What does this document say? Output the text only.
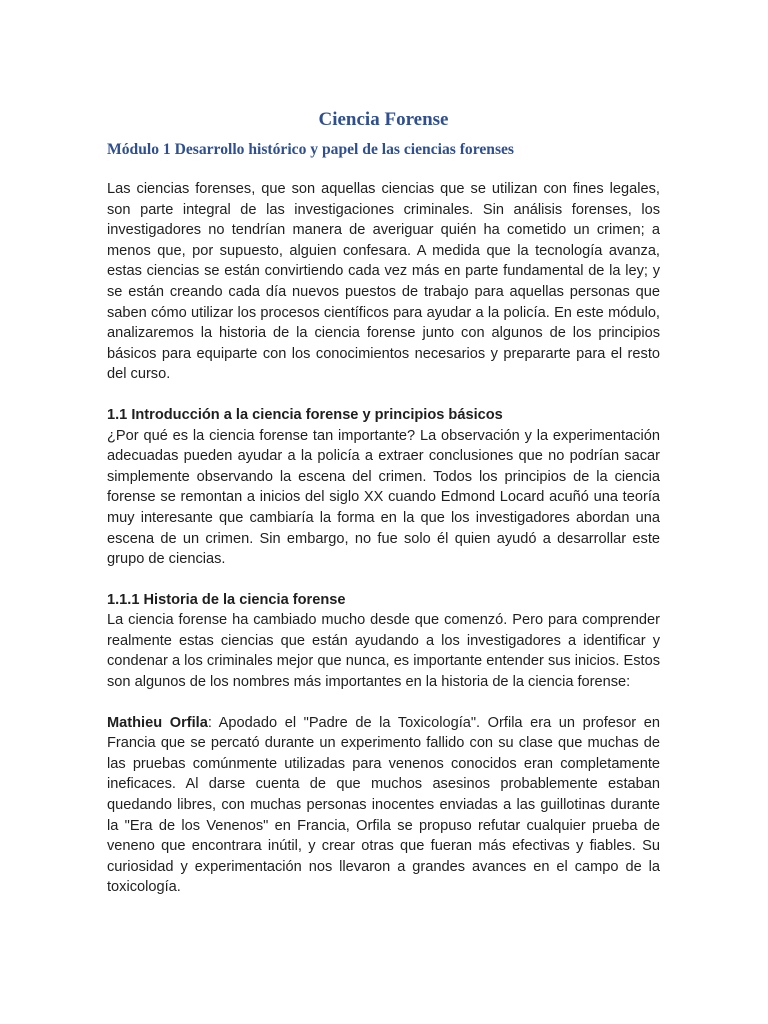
Ciencia Forense
Módulo 1 Desarrollo histórico y papel de las ciencias forenses

Las ciencias forenses, que son aquellas ciencias que se utilizan con fines legales, son parte integral de las investigaciones criminales. Sin análisis forenses, los investigadores no tendrían manera de averiguar quién ha cometido un crimen; a menos que, por supuesto, alguien confesara. A medida que la tecnología avanza, estas ciencias se están convirtiendo cada vez más en parte fundamental de la ley; y se están creando cada día nuevos puestos de trabajo para aquellas personas que saben cómo utilizar los procesos científicos para ayudar a la policía. En este módulo, analizaremos la historia de la ciencia forense junto con algunos de los principios básicos para equiparte con los conocimientos necesarios y prepararte para el resto del curso.

1.1 Introducción a la ciencia forense y principios básicos

¿Por qué es la ciencia forense tan importante? La observación y la experimentación adecuadas pueden ayudar a la policía a extraer conclusiones que no podrían sacar simplemente observando la escena del crimen. Todos los principios de la ciencia forense se remontan a inicios del siglo XX cuando Edmond Locard acuñó una teoría muy interesante que cambiaría la forma en la que los investigadores abordan una escena de un crimen. Sin embargo, no fue solo él quien ayudó a desarrollar este grupo de ciencias.

1.1.1 Historia de la ciencia forense

La ciencia forense ha cambiado mucho desde que comenzó. Pero para comprender realmente estas ciencias que están ayudando a los investigadores a identificar y condenar a los criminales mejor que nunca, es importante entender sus inicios. Estos son algunos de los nombres más importantes en la historia de la ciencia forense:

Mathieu Orfila: Apodado el "Padre de la Toxicología". Orfila era un profesor en Francia que se percató durante un experimento fallido con su clase que muchas de las pruebas comúnmente utilizadas para venenos conocidos eran completamente ineficaces. Al darse cuenta de que muchos asesinos probablemente estaban quedando libres, con muchas personas inocentes enviadas a las guillotinas durante la "Era de los Venenos" en Francia, Orfila se propuso refutar cualquier prueba de veneno que encontrara inútil, y crear otras que fueran más efectivas y fiables. Su curiosidad y experimentación nos llevaron a grandes avances en el campo de la toxicología.
